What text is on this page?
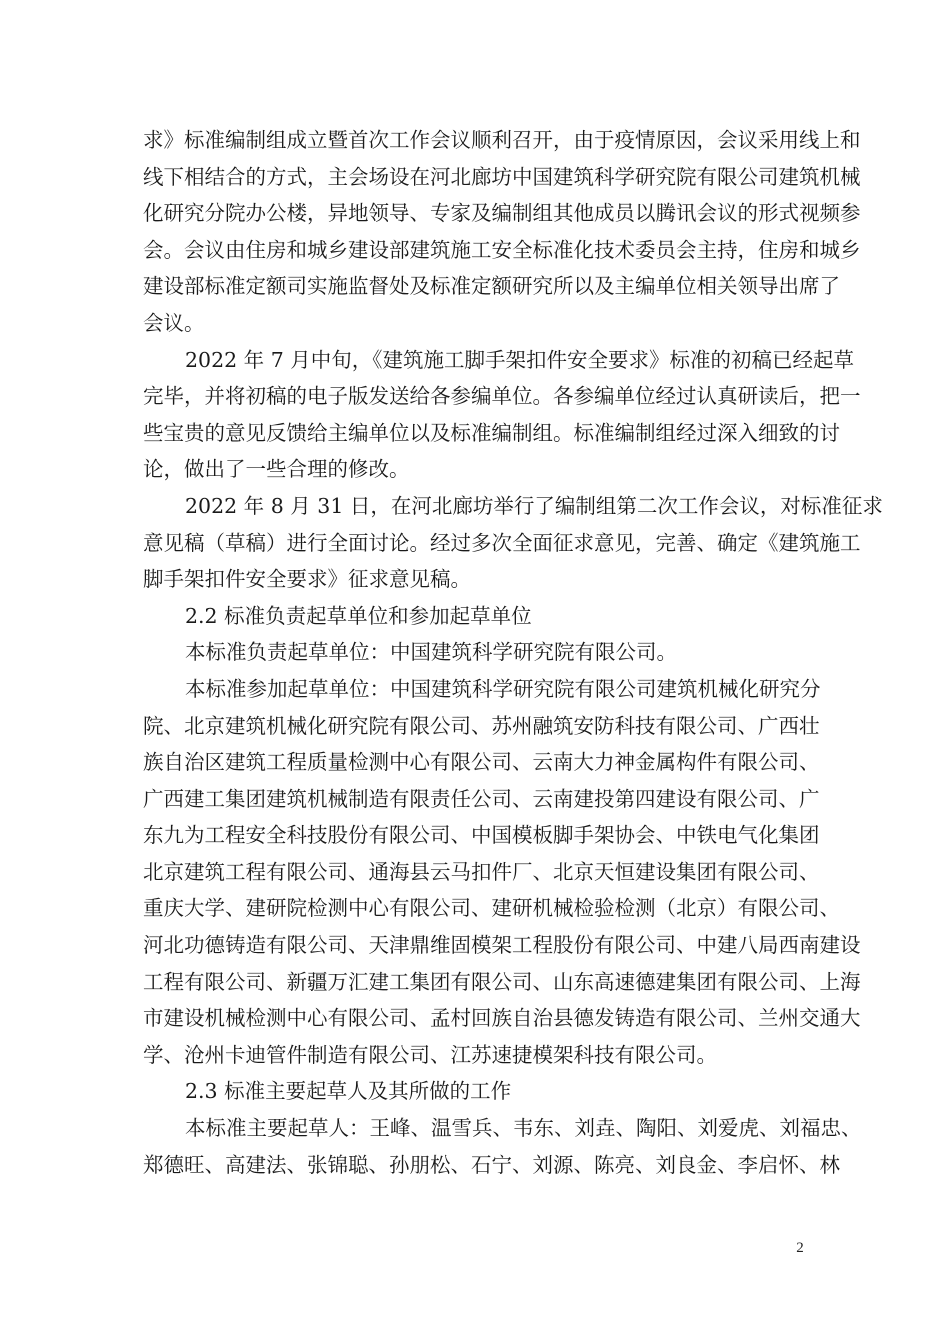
求》标准编制组成立暨首次工作会议顺利召开，由于疫情原因，会议采用线上和
线下相结合的方式，主会场设在河北廊坊中国建筑科学研究院有限公司建筑机械
化研究分院办公楼，异地领导、专家及编制组其他成员以腾讯会议的形式视频参
会。会议由住房和城乡建设部建筑施工安全标准化技术委员会主持，住房和城乡
建设部标准定额司实施监督处及标准定额研究所以及主编单位相关领导出席了
会议。
2022 年 7 月中旬，《建筑施工脚手架扣件安全要求》标准的初稿已经起草
完毕，并将初稿的电子版发送给各参编单位。各参编单位经过认真研读后，把一
些宝贵的意见反馈给主编单位以及标准编制组。标准编制组经过深入细致的讨
论，做出了一些合理的修改。
2022 年 8 月 31 日，在河北廊坊举行了编制组第二次工作会议，对标准征求
意见稿（草稿）进行全面讨论。经过多次全面征求意见，完善、确定《建筑施工
脚手架扣件安全要求》征求意见稿。
2.2 标准负责起草单位和参加起草单位
本标准负责起草单位：中国建筑科学研究院有限公司。
本标准参加起草单位：中国建筑科学研究院有限公司建筑机械化研究分
院、北京建筑机械化研究院有限公司、苏州融筑安防科技有限公司、广西壮
族自治区建筑工程质量检测中心有限公司、云南大力神金属构件有限公司、
广西建工集团建筑机械制造有限责任公司、云南建投第四建设有限公司、广
东九为工程安全科技股份有限公司、中国模板脚手架协会、中铁电气化集团
北京建筑工程有限公司、通海县云马扣件厂、北京天恒建设集团有限公司、
重庆大学、建研院检测中心有限公司、建研机械检验检测（北京）有限公司、
河北功德铸造有限公司、天津鼎维固模架工程股份有限公司、中建八局西南建设
工程有限公司、新疆万汇建工集团有限公司、山东高速德建集团有限公司、上海
市建设机械检测中心有限公司、孟村回族自治县德发铸造有限公司、兰州交通大
学、沧州卡迪管件制造有限公司、江苏速捷模架科技有限公司。
2.3 标准主要起草人及其所做的工作
本标准主要起草人：王峰、温雪兵、韦东、刘垚、陶阳、刘爱虎、刘福忠、
郑德旺、高建法、张锦聪、孙朋松、石宁、刘源、陈亮、刘良金、李启怀、林
2
